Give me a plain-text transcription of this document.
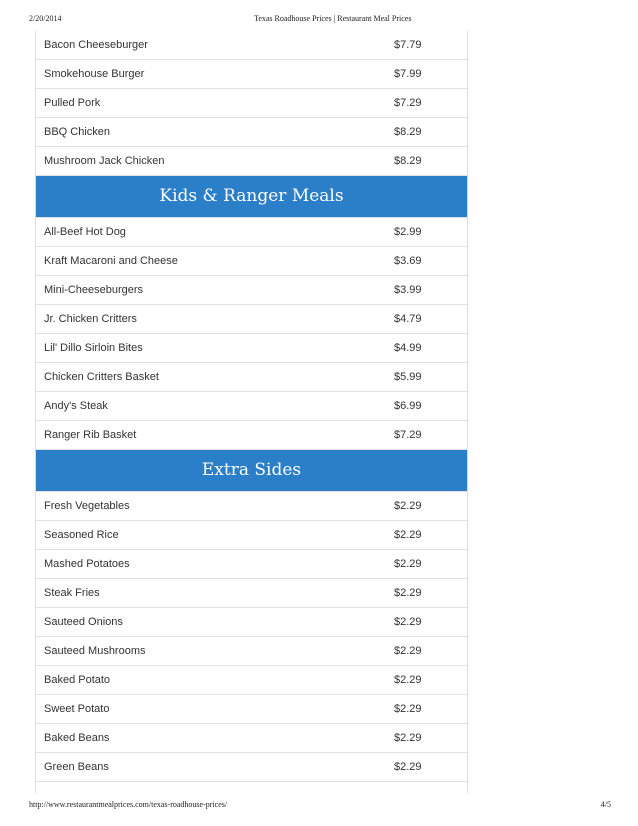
2/20/2014	Texas Roadhouse Prices | Restaurant Meal Prices
Bacon Cheeseburger	$7.79
Smokehouse Burger	$7.99
Pulled Pork	$7.29
BBQ Chicken	$8.29
Mushroom Jack Chicken	$8.29
Kids & Ranger Meals
All-Beef Hot Dog	$2.99
Kraft Macaroni and Cheese	$3.69
Mini-Cheeseburgers	$3.99
Jr. Chicken Critters	$4.79
Lil' Dillo Sirloin Bites	$4.99
Chicken Critters Basket	$5.99
Andy's Steak	$6.99
Ranger Rib Basket	$7.29
Extra Sides
Fresh Vegetables	$2.29
Seasoned Rice	$2.29
Mashed Potatoes	$2.29
Steak Fries	$2.29
Sauteed Onions	$2.29
Sauteed Mushrooms	$2.29
Baked Potato	$2.29
Sweet Potato	$2.29
Baked Beans	$2.29
Green Beans	$2.29
http://www.restaurantmealprices.com/texas-roadhouse-prices/	4/5
